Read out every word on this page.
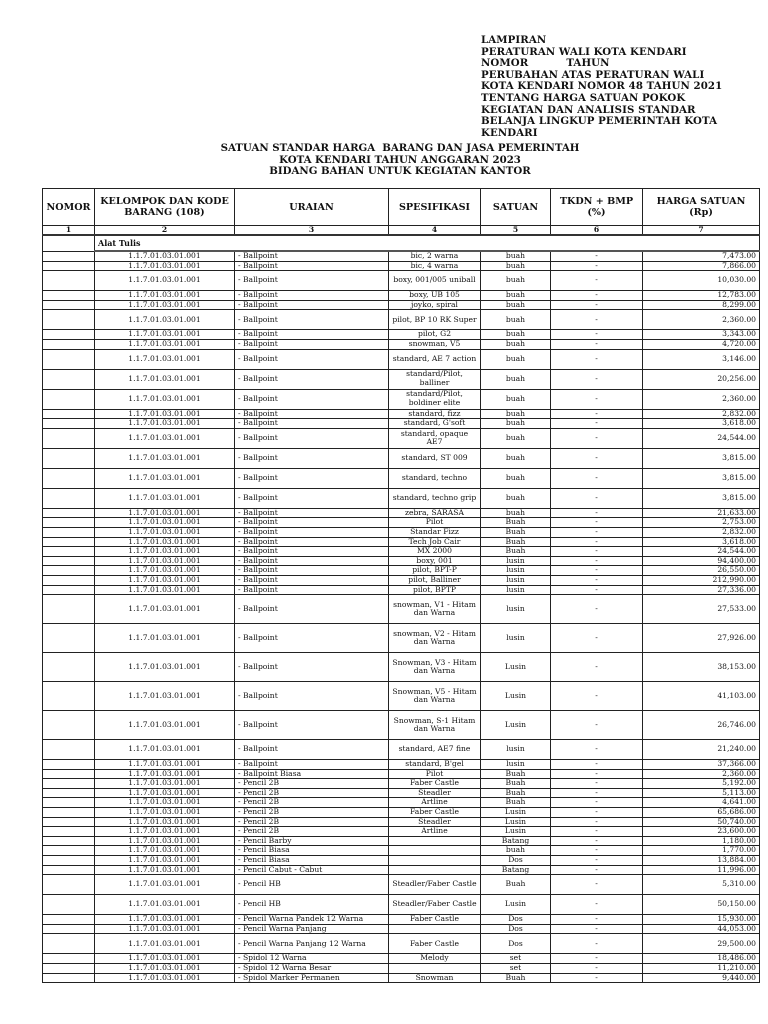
LAMPIRAN
PERATURAN WALI KOTA KENDARI
NOMOR	TAHUN
PERUBAHAN ATAS PERATURAN WALI
KOTA KENDARI NOMOR 48 TAHUN 2021
TENTANG HARGA SATUAN POKOK
KEGIATAN DAN ANALISIS STANDAR
BELANJA LINGKUP PEMERINTAH KOTA
KENDARI
SATUAN STANDAR HARGA  BARANG DAN JASA PEMERINTAH
KOTA KENDARI TAHUN ANGGARAN 2023
BIDANG BAHAN UNTUK KEGIATAN KANTOR
NOMOR	KELOMPOK DAN KODE BARANG (108)	URAIAN	SPESIFIKASI	SATUAN	TKDN + BMP (%)	HARGA SATUAN (Rp)
1	2	3	4	5	6	7
	Alat Tulis					
	1.1.7.01.03.01.001	- Ballpoint	bic, 2 warna	buah	-	7,473.00
	1.1.7.01.03.01.001	- Ballpoint	bic, 4 warna	buah	-	7,866.00
	1.1.7.01.03.01.001	- Ballpoint	boxy, 001/005 uniball	buah	-	10,030.00
	1.1.7.01.03.01.001	- Ballpoint	boxy, UB 105	buah	-	12,783.00
	1.1.7.01.03.01.001	- Ballpoint	joyko, spiral	buah	-	8,299.00
	1.1.7.01.03.01.001	- Ballpoint	pilot, BP 10 RK Super	buah	-	2,360.00
	1.1.7.01.03.01.001	- Ballpoint	pilot, G2	buah	-	3,343.00
	1.1.7.01.03.01.001	- Ballpoint	snowman, V5	buah	-	4,720.00
	1.1.7.01.03.01.001	- Ballpoint	standard, AE 7 action	buah	-	3,146.00
	1.1.7.01.03.01.001	- Ballpoint	standard/Pilot, balliner	buah	-	20,256.00
	1.1.7.01.03.01.001	- Ballpoint	standard/Pilot, boldiner elite	buah	-	2,360.00
	1.1.7.01.03.01.001	- Ballpoint	standard, fizz	buah	-	2,832.00
	1.1.7.01.03.01.001	- Ballpoint	standard, G'soft	buah	-	3,618.00
	1.1.7.01.03.01.001	- Ballpoint	standard, opaque AE7	buah	-	24,544.00
	1.1.7.01.03.01.001	- Ballpoint	standard, ST 009	buah	-	3,815.00
	1.1.7.01.03.01.001	- Ballpoint	standard, techno	buah	-	3,815.00
	1.1.7.01.03.01.001	- Ballpoint	standard, techno grip	buah	-	3,815.00
	1.1.7.01.03.01.001	- Ballpoint	zebra, SARASA	buah	-	21,633.00
	1.1.7.01.03.01.001	- Ballpoint	Pilot	Buah	-	2,753.00
	1.1.7.01.03.01.001	- Ballpoint	Standar Fizz	Buah	-	2,832.00
	1.1.7.01.03.01.001	- Ballpoint	Tech Job Cair	Buah	-	3,618.00
	1.1.7.01.03.01.001	- Ballpoint	MX 2000	Buah	-	24,544.00
	1.1.7.01.03.01.001	- Ballpoint	boxy, 001	lusin	-	94,400.00
	1.1.7.01.03.01.001	- Ballpoint	pilot, BPT-P	lusin	-	26,550.00
	1.1.7.01.03.01.001	- Ballpoint	pilot, Balliner	lusin	-	212,990.00
	1.1.7.01.03.01.001	- Ballpoint	pilot, BPTP	lusin	-	27,336.00
	1.1.7.01.03.01.001	- Ballpoint	snowman, V1 - Hitam dan Warna	lusin	-	27,533.00
	1.1.7.01.03.01.001	- Ballpoint	snowman, V2 - Hitam dan Warna	lusin	-	27,926.00
	1.1.7.01.03.01.001	- Ballpoint	Snowman, V3 - Hitam dan Warna	Lusin	-	38,153.00
	1.1.7.01.03.01.001	- Ballpoint	Snowman, V5 - Hitam dan Warna	Lusin	-	41,103.00
	1.1.7.01.03.01.001	- Ballpoint	Snowman, S-1 Hitam dan Warna	Lusin	-	26,746.00
	1.1.7.01.03.01.001	- Ballpoint	standard, AE7 fine	lusin	-	21,240.00
	1.1.7.01.03.01.001	- Ballpoint	standard, B'gel	lusin	-	37,366.00
	1.1.7.01.03.01.001	- Ballpoint Biasa	Pilot	Buah	-	2,360.00
	1.1.7.01.03.01.001	- Pencil 2B	Faber Castle	Buah	-	5,192.00
	1.1.7.01.03.01.001	- Pencil 2B	Steadler	Buah	-	5,113.00
	1.1.7.01.03.01.001	- Pencil 2B	Artline	Buah	-	4,641.00
	1.1.7.01.03.01.001	- Pencil 2B	Faber Castle	Lusin	-	65,686.00
	1.1.7.01.03.01.001	- Pencil 2B	Steadler	Lusin	-	50,740.00
	1.1.7.01.03.01.001	- Pencil 2B	Artline	Lusin	-	23,600.00
	1.1.7.01.03.01.001	- Pencil Barby		Batang	-	1,180.00
	1.1.7.01.03.01.001	- Pencil Biasa		buah	-	1,770.00
	1.1.7.01.03.01.001	- Pencil Biasa		Dos	-	13,884.00
	1.1.7.01.03.01.001	- Pencil Cabut - Cabut		Batang	-	11,996.00
	1.1.7.01.03.01.001	- Pencil HB	Steadler/Faber Castle	Buah	-	5,310.00
	1.1.7.01.03.01.001	- Pencil HB	Steadler/Faber Castle	Lusin	-	50,150.00
	1.1.7.01.03.01.001	- Pencil Warna Pandek 12 Warna	Faber Castle	Dos	-	15,930.00
	1.1.7.01.03.01.001	- Pencil Warna Panjang		Dos	-	44,053.00
	1.1.7.01.03.01.001	- Pencil Warna Panjang 12 Warna	Faber Castle	Dos	-	29,500.00
	1.1.7.01.03.01.001	- Spidol 12 Warna	Melody	set	-	18,486.00
	1.1.7.01.03.01.001	- Spidol 12 Warna Besar		set	-	11,210.00
	1.1.7.01.03.01.001	- Spidol Marker Permanen	Snowman	Buah	-	9,440.00
